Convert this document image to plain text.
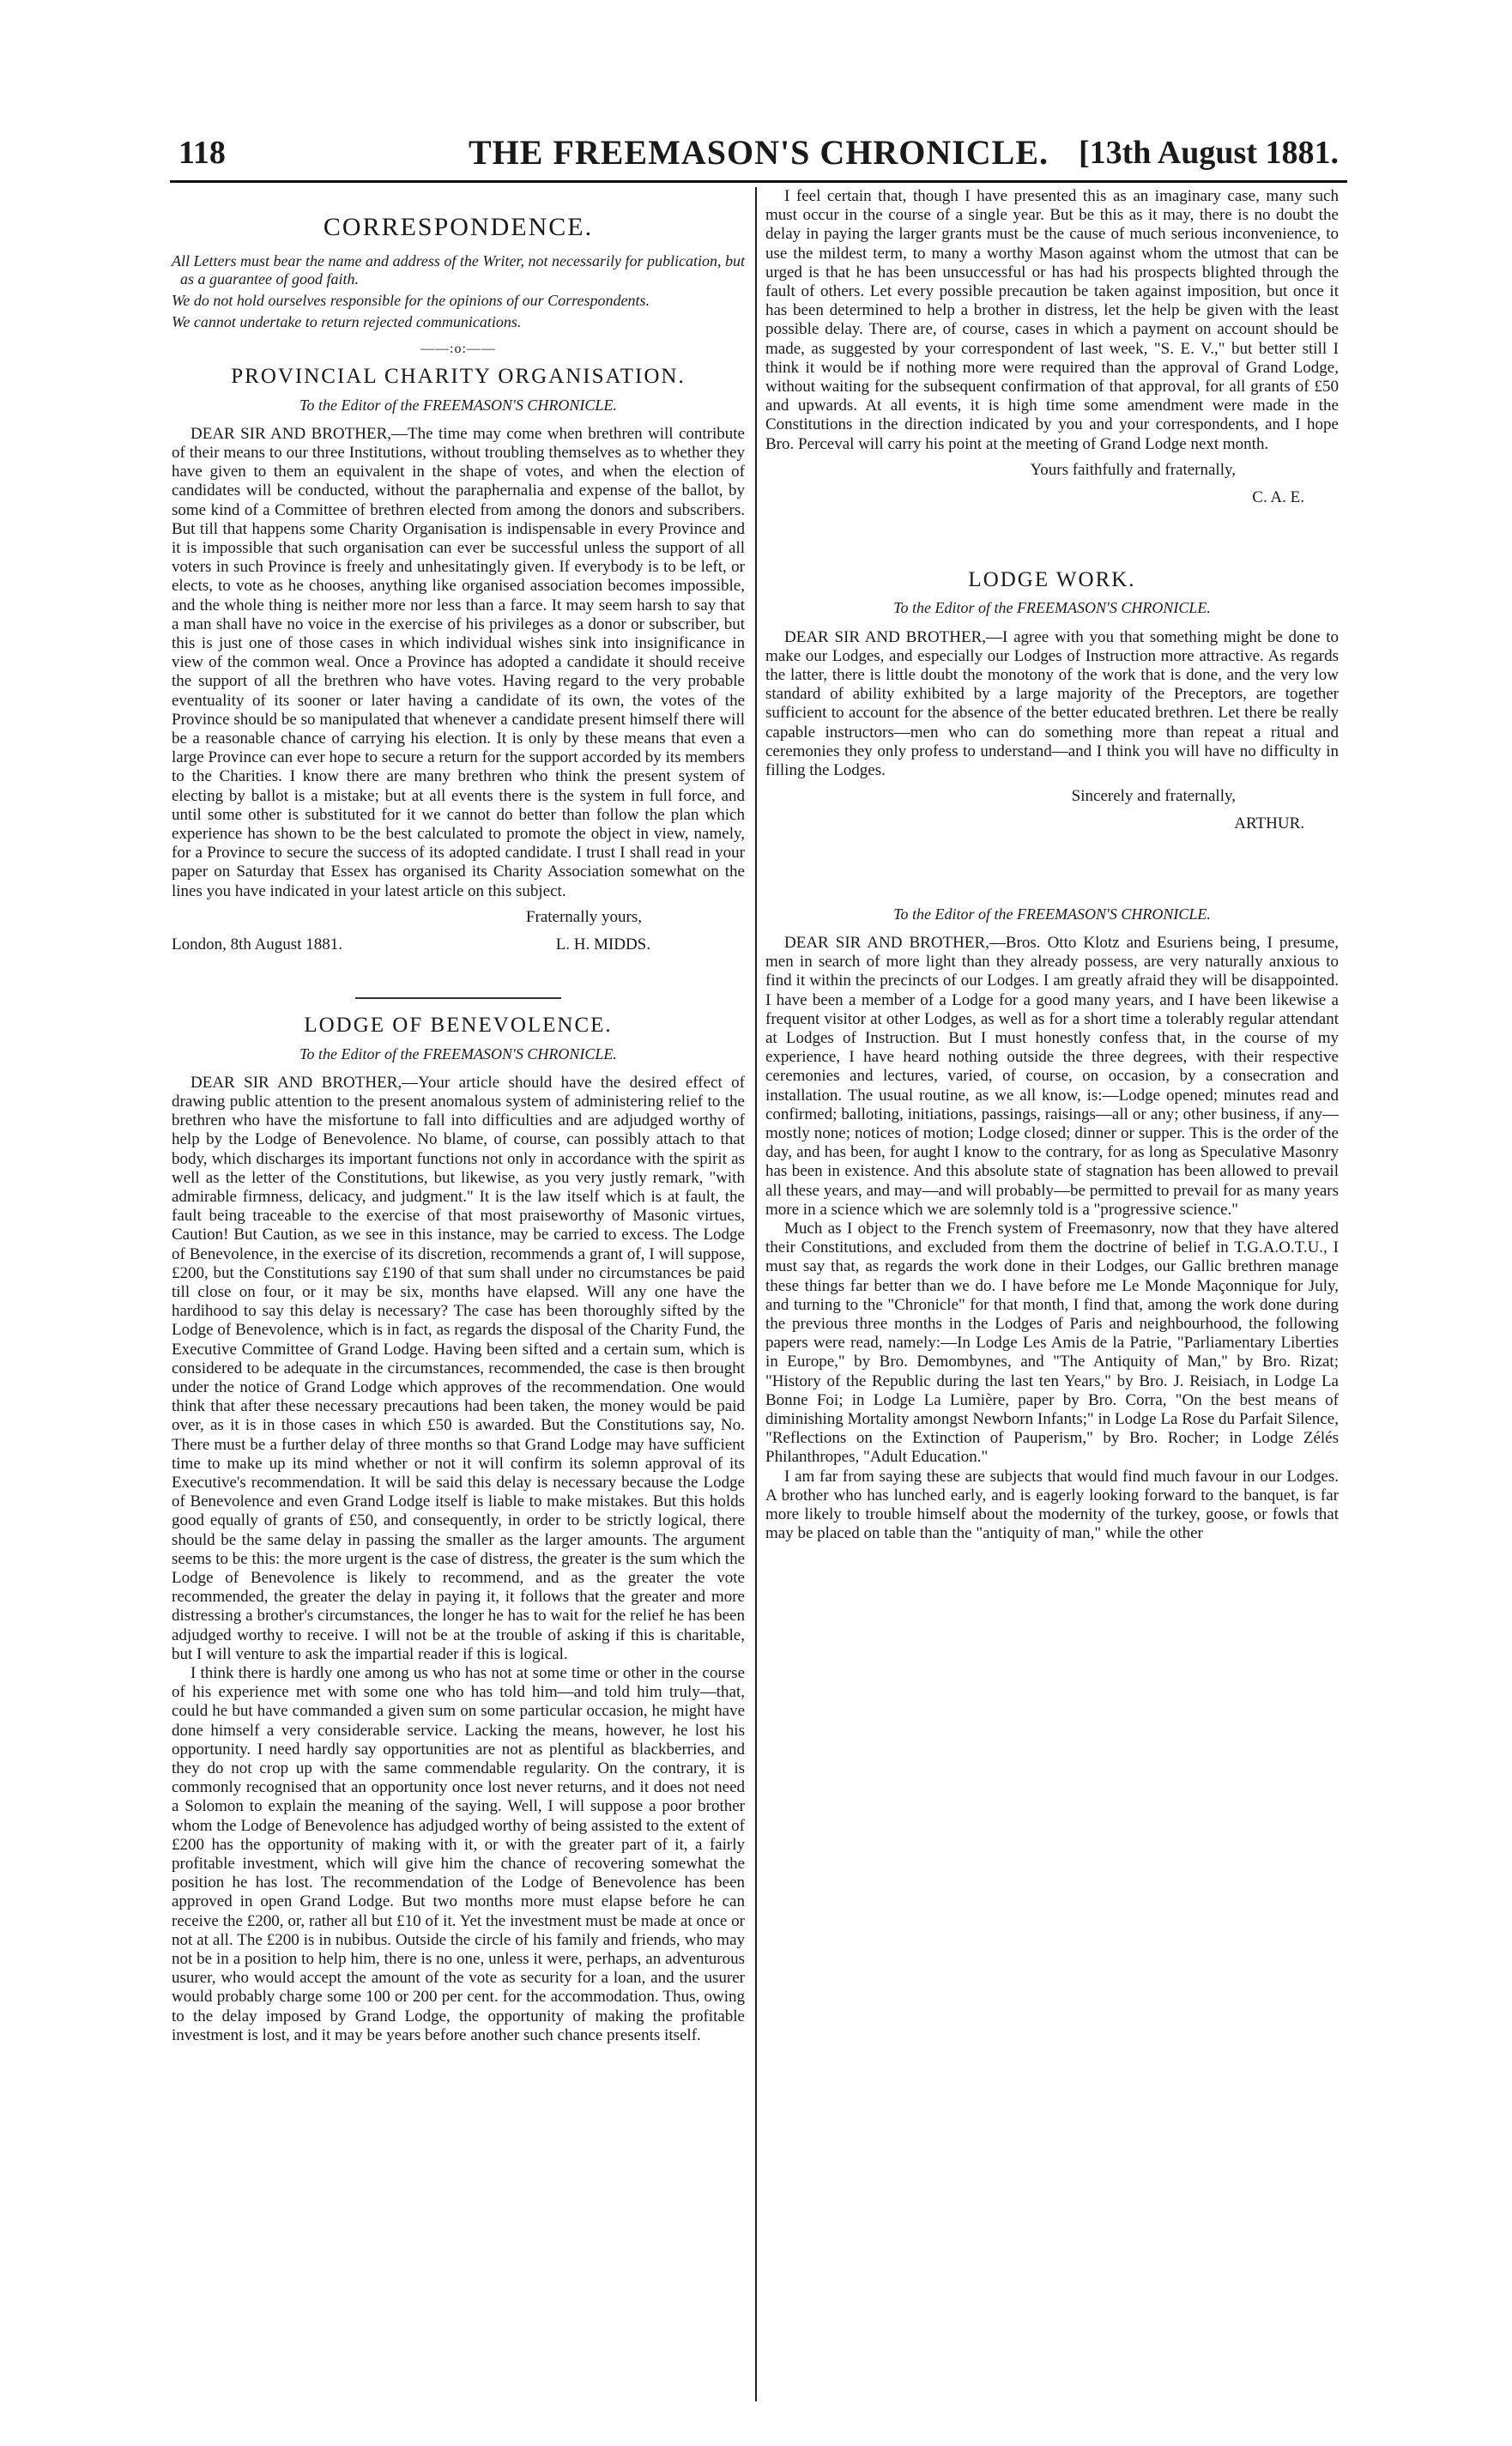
118	THE FREEMASON'S CHRONICLE. [13th August 1881.
CORRESPONDENCE.
All Letters must bear the name and address of the Writer, not necessarily for publication, but as a guarantee of good faith.
We do not hold ourselves responsible for the opinions of our Correspondents.
We cannot undertake to return rejected communications.
——:o:——
PROVINCIAL CHARITY ORGANISATION.
To the Editor of the FREEMASON'S CHRONICLE.

DEAR SIR AND BROTHER,—The time may come when brethren will contribute of their means to our three Institutions, without troubling themselves as to whether they have given to them an equivalent in the shape of votes, and when the election of candidates will be conducted, without the paraphernalia and expense of the ballot, by some kind of a Committee of brethren elected from among the donors and subscribers. But till that happens some Charity Organisation is indispensable in every Province and it is impossible that such organisation can ever be successful unless the support of all voters in such Province is freely and unhesitatingly given. If everybody is to be left, or elects, to vote as he chooses, anything like organised association becomes impossible, and the whole thing is neither more nor less than a farce. It may seem harsh to say that a man shall have no voice in the exercise of his privileges as a donor or subscriber, but this is just one of those cases in which individual wishes sink into insignificance in view of the common weal. Once a Province has adopted a candidate it should receive the support of all the brethren who have votes. Having regard to the very probable eventuality of its sooner or later having a candidate of its own, the votes of the Province should be so manipulated that whenever a candidate present himself there will be a reasonable chance of carrying his election. It is only by these means that even a large Province can ever hope to secure a return for the support accorded by its members to the Charities. I know there are many brethren who think the present system of electing by ballot is a mistake; but at all events there is the system in full force, and until some other is substituted for it we cannot do better than follow the plan which experience has shown to be the best calculated to promote the object in view, namely, for a Province to secure the success of its adopted candidate. I trust I shall read in your paper on Saturday that Essex has organised its Charity Association somewhat on the lines you have indicated in your latest article on this subject.

Fraternally yours,
London, 8th August 1881.	L. H. MIDDS.
LODGE OF BENEVOLENCE.
To the Editor of the FREEMASON'S CHRONICLE.

DEAR SIR AND BROTHER,—Your article should have the desired effect of drawing public attention to the present anomalous system of administering relief to the brethren who have the misfortune to fall into difficulties and are adjudged worthy of help by the Lodge of Benevolence. No blame, of course, can possibly attach to that body, which discharges its important functions not only in accordance with the spirit as well as the letter of the Constitutions, but likewise, as you very justly remark, "with admirable firmness, delicacy, and judgment." It is the law itself which is at fault, the fault being traceable to the exercise of that most praiseworthy of Masonic virtues, Caution! But Caution, as we see in this instance, may be carried to excess. The Lodge of Benevolence, in the exercise of its discretion, recommends a grant of, I will suppose, £200, but the Constitutions say £190 of that sum shall under no circumstances be paid till close on four, or it may be six, months have elapsed. Will any one have the hardihood to say this delay is necessary? The case has been thoroughly sifted by the Lodge of Benevolence, which is in fact, as regards the disposal of the Charity Fund, the Executive Committee of Grand Lodge. Having been sifted and a certain sum, which is considered to be adequate in the circumstances, recommended, the case is then brought under the notice of Grand Lodge which approves of the recommendation. One would think that after these necessary precautions had been taken, the money would be paid over, as it is in those cases in which £50 is awarded. But the Constitutions say, No. There must be a further delay of three months so that Grand Lodge may have sufficient time to make up its mind whether or not it will confirm its solemn approval of its Executive's recommendation. It will be said this delay is necessary because the Lodge of Benevolence and even Grand Lodge itself is liable to make mistakes. But this holds good equally of grants of £50, and consequently, in order to be strictly logical, there should be the same delay in passing the smaller as the larger amounts. The argument seems to be this: the more urgent is the case of distress, the greater is the sum which the Lodge of Benevolence is likely to recommend, and as the greater the vote recommended, the greater the delay in paying it, it follows that the greater and more distressing a brother's circumstances, the longer he has to wait for the relief he has been adjudged worthy to receive. I will not be at the trouble of asking if this is charitable, but I will venture to ask the impartial reader if this is logical.

I think there is hardly one among us who has not at some time or other in the course of his experience met with some one who has told him—and told him truly—that, could he but have commanded a given sum on some particular occasion, he might have done himself a very considerable service. Lacking the means, however, he lost his opportunity. I need hardly say opportunities are not as plentiful as blackberries, and they do not crop up with the same commendable regularity. On the contrary, it is commonly recognised that an opportunity once lost never returns, and it does not need a Solomon to explain the meaning of the saying. Well, I will suppose a poor brother whom the Lodge of Benevolence has adjudged worthy of being assisted to the extent of £200 has the opportunity of making with it, or with the greater part of it, a fairly profitable investment, which will give him the chance of recovering somewhat the position he has lost. The recommendation of the Lodge of Benevolence has been approved in open Grand Lodge. But two months more must elapse before he can receive the £200, or, rather all but £10 of it. Yet the investment must be made at once or not at all. The £200 is in nubibus. Outside the circle of his family and friends, who may not be in a position to help him, there is no one, unless it were, perhaps, an adventurous usurer, who would accept the amount of the vote as security for a loan, and the usurer would probably charge some 100 or 200 per cent. for the accommodation. Thus, owing to the delay imposed by Grand Lodge, the opportunity of making the profitable investment is lost, and it may be years before another such chance presents itself.

I feel certain that, though I have presented this as an imaginary case, many such must occur in the course of a single year. But be this as it may, there is no doubt the delay in paying the larger grants must be the cause of much serious inconvenience, to use the mildest term, to many a worthy Mason against whom the utmost that can be urged is that he has been unsuccessful or has had his prospects blighted through the fault of others. Let every possible precaution be taken against imposition, but once it has been determined to help a brother in distress, let the help be given with the least possible delay. There are, of course, cases in which a payment on account should be made, as suggested by your correspondent of last week, "S. E. V.," but better still I think it would be if nothing more were required than the approval of Grand Lodge, without waiting for the subsequent confirmation of that approval, for all grants of £50 and upwards. At all events, it is high time some amendment were made in the Constitutions in the direction indicated by you and your correspondents, and I hope Bro. Perceval will carry his point at the meeting of Grand Lodge next month.

Yours faithfully and fraternally,
C. A. E.
LODGE WORK.
To the Editor of the FREEMASON'S CHRONICLE.

DEAR SIR AND BROTHER,—I agree with you that something might be done to make our Lodges, and especially our Lodges of Instruction more attractive. As regards the latter, there is little doubt the monotony of the work that is done, and the very low standard of ability exhibited by a large majority of the Preceptors, are together sufficient to account for the absence of the better educated brethren. Let there be really capable instructors—men who can do something more than repeat a ritual and ceremonies they only profess to understand—and I think you will have no difficulty in filling the Lodges.

Sincerely and fraternally,
ARTHUR.
To the Editor of the FREEMASON'S CHRONICLE.

DEAR SIR AND BROTHER,—Bros. Otto Klotz and Esuriens being, I presume, men in search of more light than they already possess, are very naturally anxious to find it within the precincts of our Lodges. I am greatly afraid they will be disappointed. I have been a member of a Lodge for a good many years, and I have been likewise a frequent visitor at other Lodges, as well as for a short time a tolerably regular attendant at Lodges of Instruction. But I must honestly confess that, in the course of my experience, I have heard nothing outside the three degrees, with their respective ceremonies and lectures, varied, of course, on occasion, by a consecration and installation. The usual routine, as we all know, is:—Lodge opened; minutes read and confirmed; balloting, initiations, passings, raisings—all or any; other business, if any—mostly none; notices of motion; Lodge closed; dinner or supper. This is the order of the day, and has been, for aught I know to the contrary, for as long as Speculative Masonry has been in existence. And this absolute state of stagnation has been allowed to prevail all these years, and may—and will probably—be permitted to prevail for as many years more in a science which we are solemnly told is a "progressive science."

Much as I object to the French system of Freemasonry, now that they have altered their Constitutions, and excluded from them the doctrine of belief in T.G.A.O.T.U., I must say that, as regards the work done in their Lodges, our Gallic brethren manage these things far better than we do. I have before me Le Monde Maçonnique for July, and turning to the "Chronicle" for that month, I find that, among the work done during the previous three months in the Lodges of Paris and neighbourhood, the following papers were read, namely:—In Lodge Les Amis de la Patrie, "Parliamentary Liberties in Europe," by Bro. Demombynes, and "The Antiquity of Man," by Bro. Rizat; "History of the Republic during the last ten Years," by Bro. J. Reisiach, in Lodge La Bonne Foi; in Lodge La Lumière, paper by Bro. Corra, "On the best means of diminishing Mortality amongst Newborn Infants;" in Lodge La Rose du Parfait Silence, "Reflections on the Extinction of Pauperism," by Bro. Rocher; in Lodge Zélés Philanthropes, "Adult Education."

I am far from saying these are subjects that would find much favour in our Lodges. A brother who has lunched early, and is eagerly looking forward to the banquet, is far more likely to trouble himself about the modernity of the turkey, goose, or fowls that may be placed on table than the "antiquity of man," while the other
